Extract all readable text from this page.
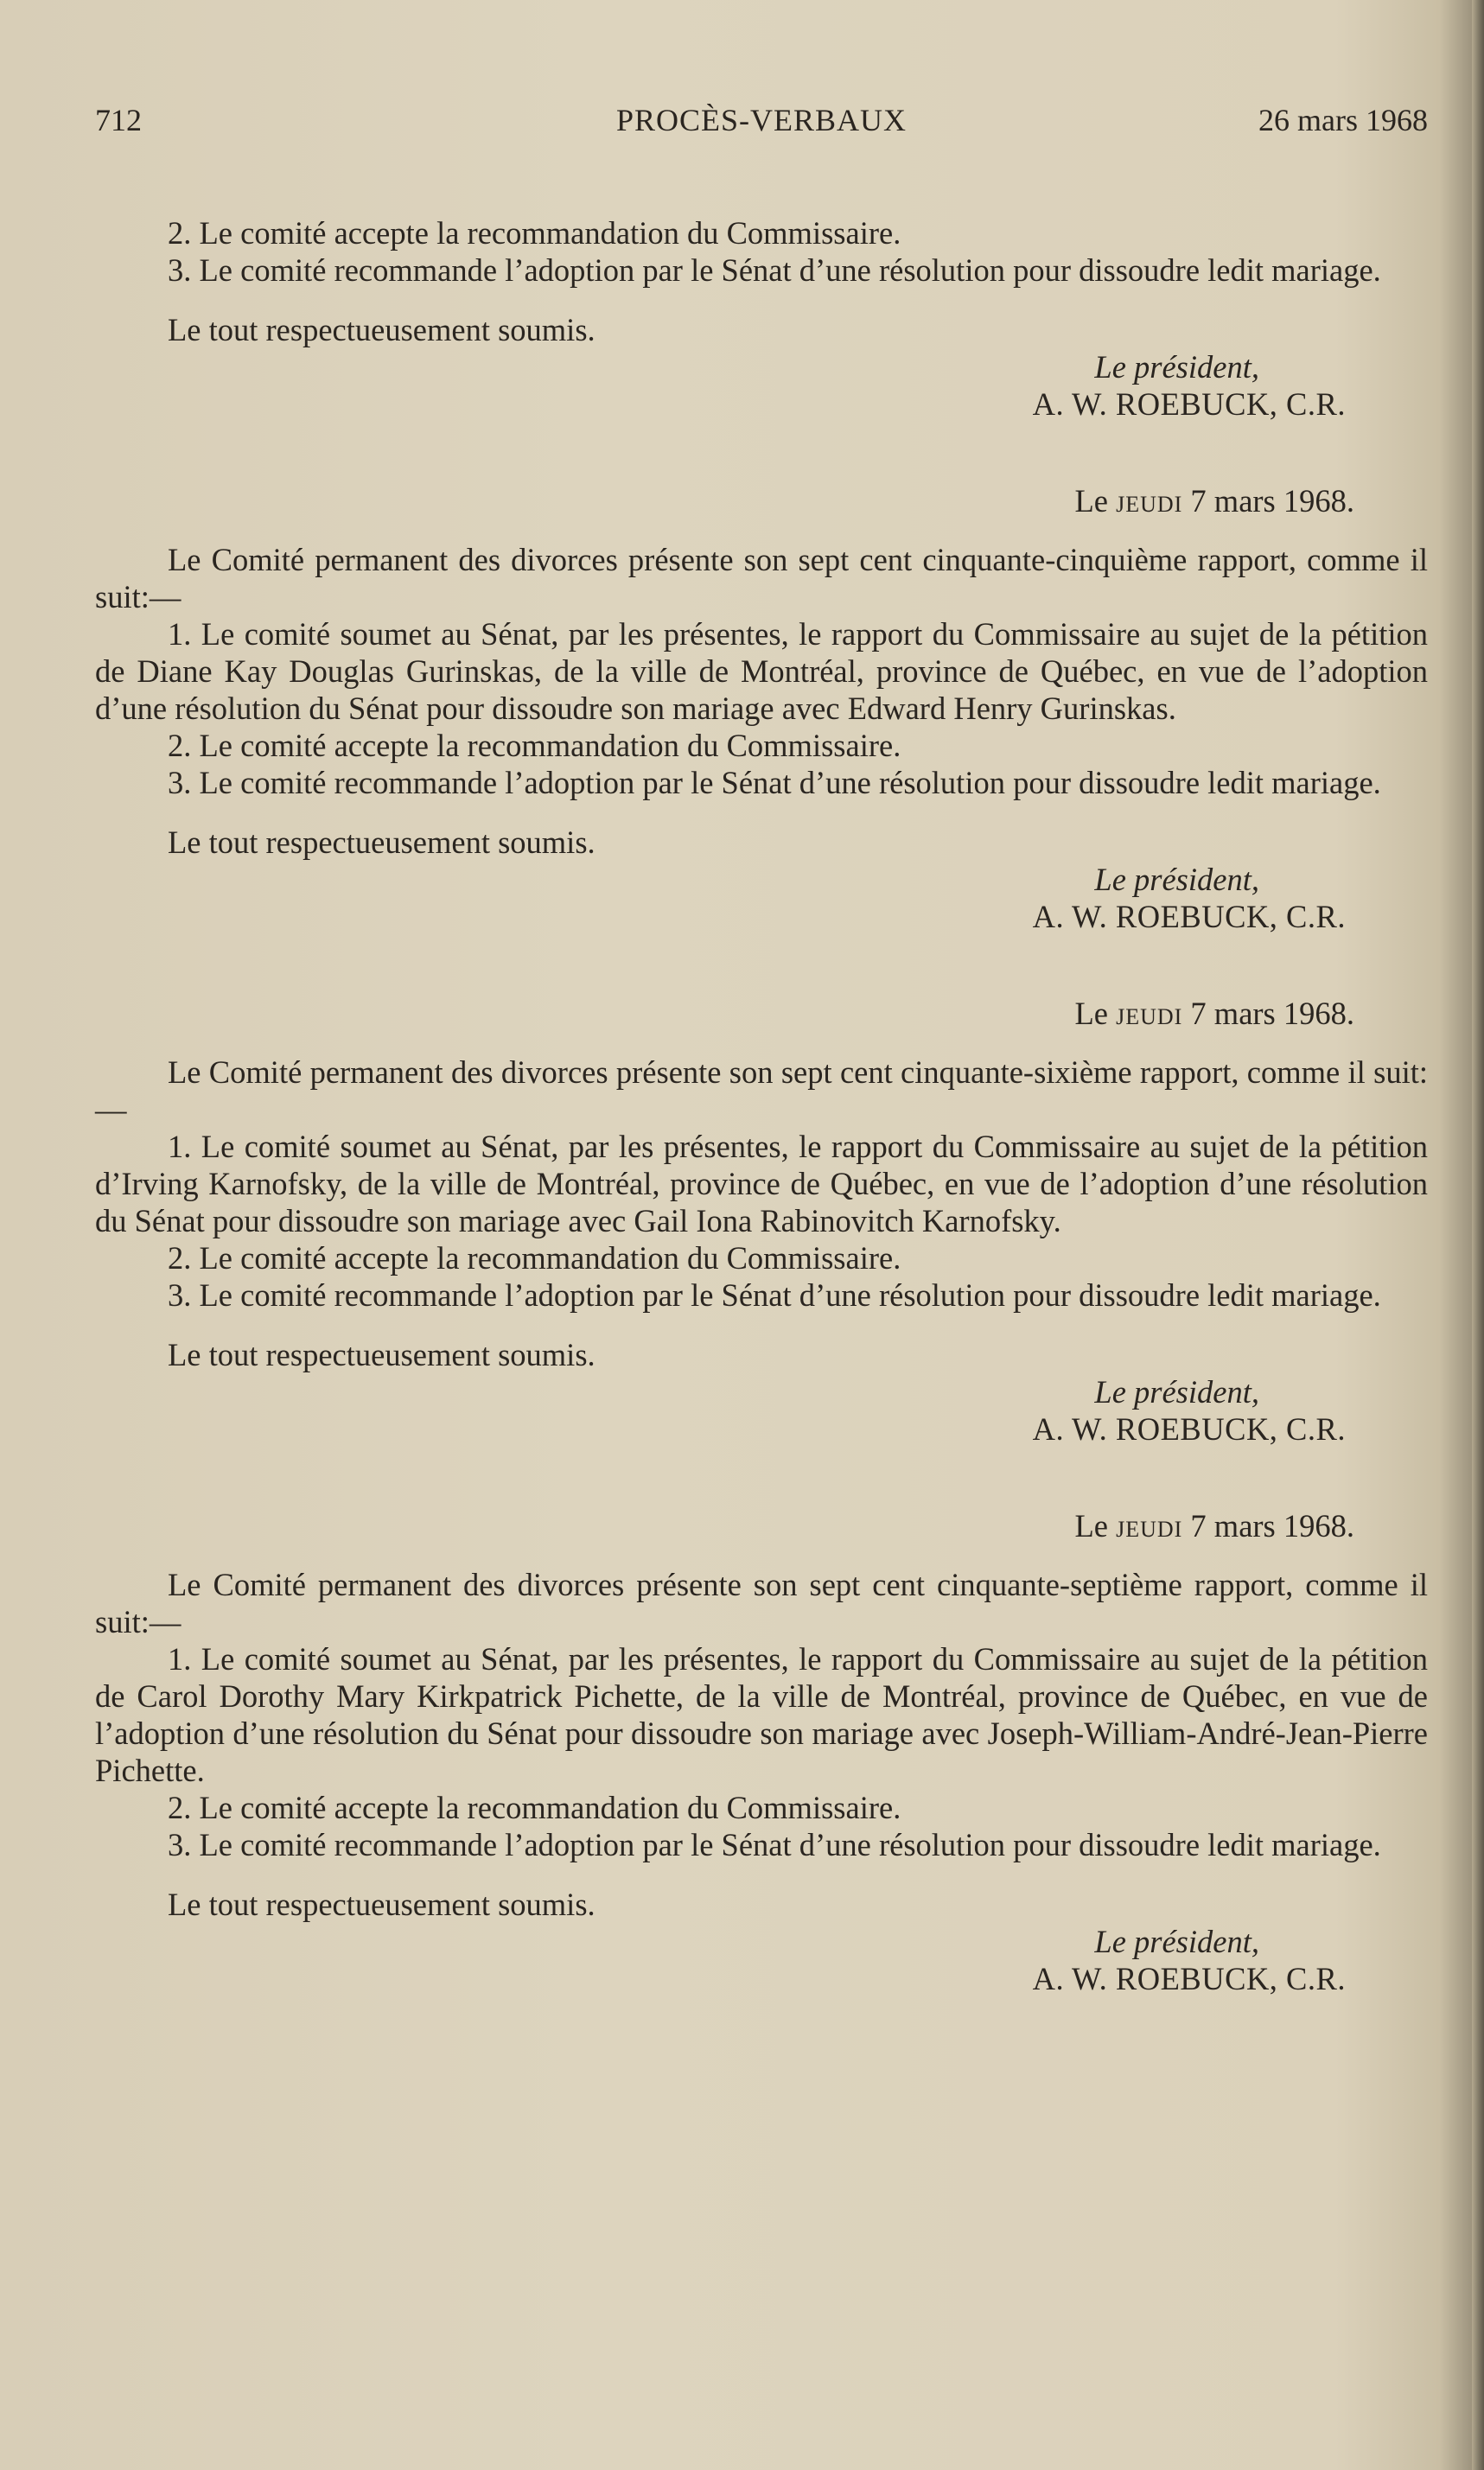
712	PROCÈS-VERBAUX	26 mars 1968

2. Le comité accepte la recommandation du Commissaire.

3. Le comité recommande l’adoption par le Sénat d’une résolution pour dissoudre ledit mariage.

Le tout respectueusement soumis.

Le président,

A. W. ROEBUCK, C.R.

Le jeudi 7 mars 1968.

Le Comité permanent des divorces présente son sept cent cinquante-cinquième rapport, comme il suit:—

1. Le comité soumet au Sénat, par les présentes, le rapport du Commissaire au sujet de la pétition de Diane Kay Douglas Gurinskas, de la ville de Montréal, province de Québec, en vue de l’adoption d’une résolution du Sénat pour dissoudre son mariage avec Edward Henry Gurinskas.

2. Le comité accepte la recommandation du Commissaire.

3. Le comité recommande l’adoption par le Sénat d’une résolution pour dissoudre ledit mariage.

Le tout respectueusement soumis.

Le président,

A. W. ROEBUCK, C.R.

Le jeudi 7 mars 1968.

Le Comité permanent des divorces présente son sept cent cinquante-sixième rapport, comme il suit:—

1. Le comité soumet au Sénat, par les présentes, le rapport du Commissaire au sujet de la pétition d’Irving Karnofsky, de la ville de Montréal, province de Québec, en vue de l’adoption d’une résolution du Sénat pour dissoudre son mariage avec Gail Iona Rabinovitch Karnofsky.

2. Le comité accepte la recommandation du Commissaire.

3. Le comité recommande l’adoption par le Sénat d’une résolution pour dissoudre ledit mariage.

Le tout respectueusement soumis.

Le président,

A. W. ROEBUCK, C.R.

Le jeudi 7 mars 1968.

Le Comité permanent des divorces présente son sept cent cinquante-septième rapport, comme il suit:—

1. Le comité soumet au Sénat, par les présentes, le rapport du Commissaire au sujet de la pétition de Carol Dorothy Mary Kirkpatrick Pichette, de la ville de Montréal, province de Québec, en vue de l’adoption d’une résolution du Sénat pour dissoudre son mariage avec Joseph-William-André-Jean-Pierre Pichette.

2. Le comité accepte la recommandation du Commissaire.

3. Le comité recommande l’adoption par le Sénat d’une résolution pour dissoudre ledit mariage.

Le tout respectueusement soumis.

Le président,

A. W. ROEBUCK, C.R.
